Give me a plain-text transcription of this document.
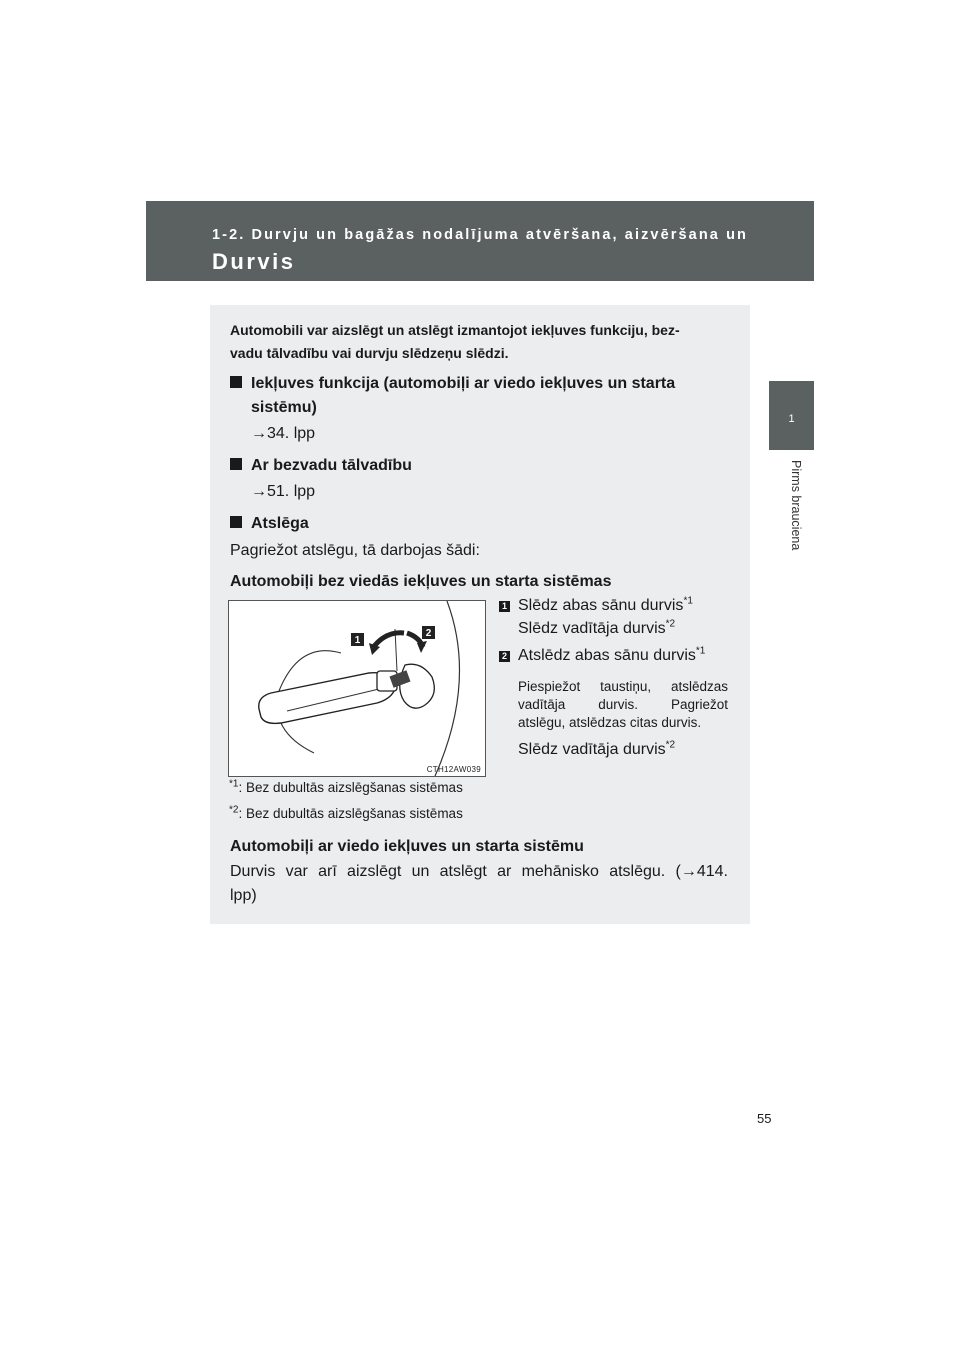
1-2. Durvju un bagāžas nodalījuma atvēršana, aizvēršana un
Durvis
1
Pirms brauciena
Automobili var aizslēgt un atslēgt izmantojot iekļuves funkciju, bez-
vadu tālvadību vai durvju slēdzeņu slēdzi.
Iekļuves funkcija (automobiļi ar viedo iekļuves un starta
sistēmu)
→34. lpp
Ar bezvadu tālvadību
→51. lpp
Atslēga
Pagriežot atslēgu, tā darbojas šādi:
Automobiļi bez viedās iekļuves un starta sistēmas
1
2
CTH12AW039
1 Slēdz abas sānu durvis$^{*1}$
Slēdz vadītāja durvis$^{*2}$
2 Atslēdz abas sānu durvis$^{*1}$
Piespiežot taustiņu, atslēdzas
vadītāja durvis. Pagriežot
atslēgu, atslēdzas citas durvis.
Slēdz vadītāja durvis$^{*2}$
$^{*1}$: Bez dubultās aizslēgšanas sistēmas
$^{*2}$: Bez dubultās aizslēgšanas sistēmas
Automobiļi ar viedo iekļuves un starta sistēmu
Durvis var arī aizslēgt un atslēgt ar mehānisko atslēgu. (→414.
lpp)
55
